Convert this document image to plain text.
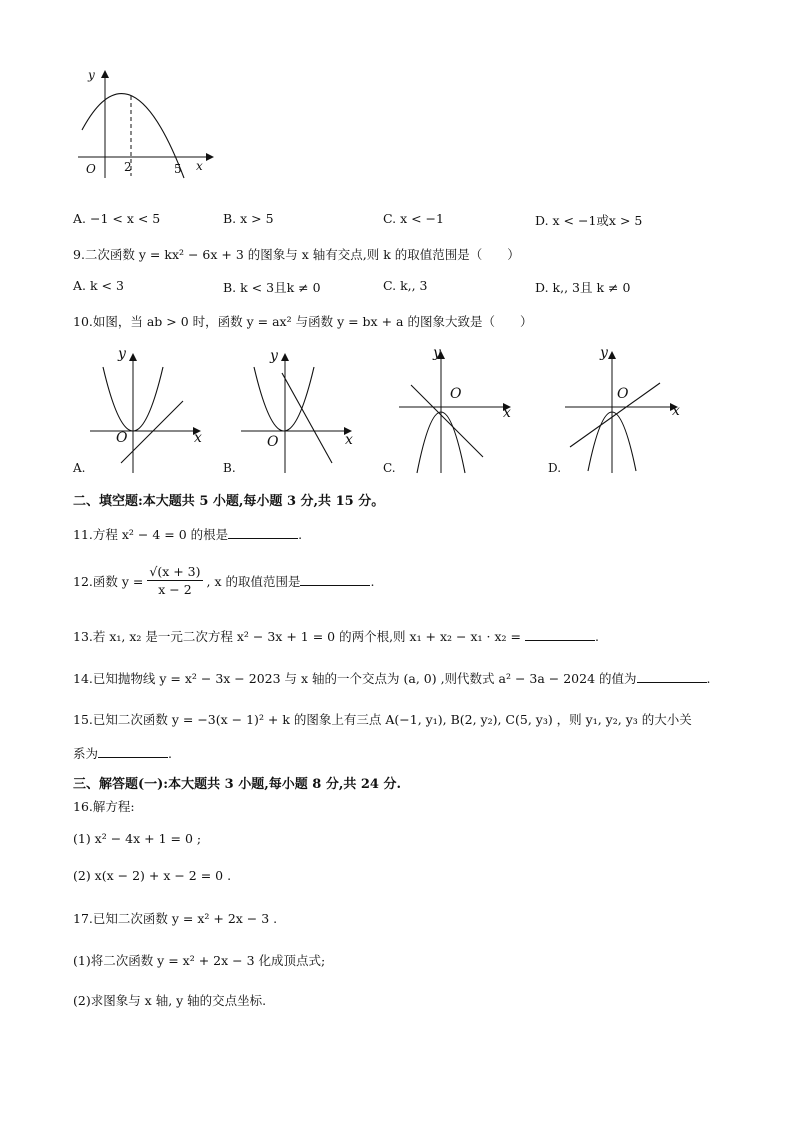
y
O 2	5 x
A. −1 < x < 5	B. x > 5	C. x < −1	D. x < −1或x > 5
9.二次函数 y = kx² − 6x + 3 的图象与 x 轴有交点,则 k 的取值范围是（　　）
A. k < 3	B. k < 3且k ≠ 0	C. k,, 3	D. k,, 3且 k ≠ 0
10.如图，当 ab > 0 时，函数 y = ax² 与函数 y = bx + a 的图象大致是（　　）
y
O	x
A.
y
O	x
B.
y
O
x
C.
y
O
x
D.
二、填空题:本大题共 5 小题,每小题 3 分,共 15 分。
11.方程 x² − 4 = 0 的根是	.
12.函数 $y = \frac{√(x + 3)}{x - 2}$ , x 的取值范围是	.
13.若 x₁, x₂ 是一元二次方程 x² − 3x + 1 = 0 的两个根,则 x₁ + x₂ − x₁ · x₂ =	.
14.已知抛物线 y = x² − 3x − 2023 与 x 轴的一个交点为 (a, 0) ,则代数式 a² − 3a − 2024 的值为	.
15.已知二次函数 y = −3(x − 1)² + k 的图象上有三点 A(−1, y₁), B(2, y₂), C(5, y₃) ，则 y₁, y₂, y₃ 的大小关
系为	.
三、解答题(一):本大题共 3 小题,每小题 8 分,共 24 分.
16.解方程:
(1) x² − 4x + 1 = 0 ;
(2) x(x − 2) + x − 2 = 0 .
17.已知二次函数 y = x² + 2x − 3 .
(1)将二次函数 y = x² + 2x − 3 化成顶点式;
(2)求图象与 x 轴, y 轴的交点坐标.
